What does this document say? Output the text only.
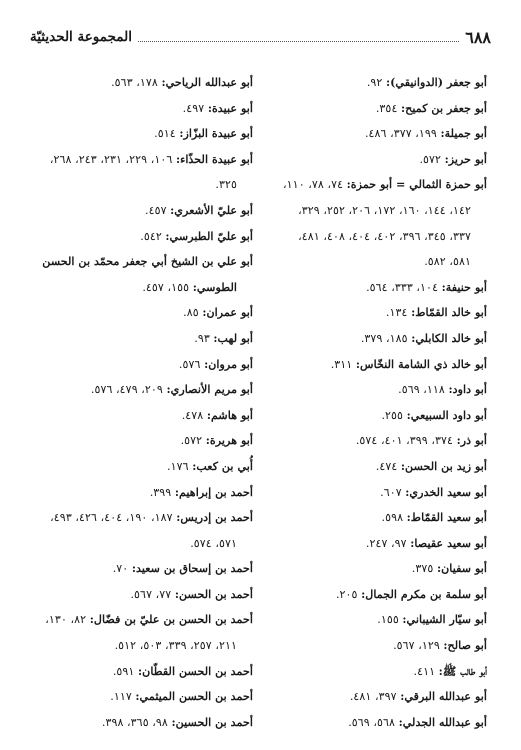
٦٨٨
المجموعة الحديثيّة

أبو جعفر (الدوانيقي): ٩٢.

أبو جعفر بن كميح: ٣٥٤.

أبو جميلة: ١٩٩، ٣٧٧، ٤٨٦.

أبو حريز: ٥٧٢.

أبو حمزة الثمالي = أبو حمزة: ٧٤، ٧٨، ١١٠،

١٤٢، ١٤٤، ١٦٠، ١٧٢، ٢٠٦، ٢٥٢، ٣٢٩،

٣٣٧، ٣٤٥، ٣٩٦، ٤٠٢، ٤٠٤، ٤٠٨، ٤٨١،

٥٨١، ٥٨٢.

أبو حنيفة: ١٠٤، ٣٣٣، ٥٦٤.

أبو خالد القمّاط: ١٣٤.

أبو خالد الكابلي: ١٨٥، ٣٧٩.

أبو خالد ذي الشامة النخّاس: ٣١١.

أبو داود: ١١٨، ٥٦٩.

أبو داود السبيعي: ٢٥٥.

أبو ذر: ٣٧٤، ٣٩٩، ٤٠١، ٥٧٤.

أبو زيد بن الحسن: ٤٧٤.

أبو سعيد الخدري: ٦٠٧.

أبو سعيد القمّاط: ٥٩٨.

أبو سعيد عقيصا: ٩٧، ٢٤٧.

أبو سفيان: ٣٧٥.

أبو سلمة بن مكرم الجمال: ٢٠٥.

أبو سيّار الشيباني: ١٥٥.

أبو صالح: ١٢٩، ٥٦٧.

أبو طالب ﷺ: ٤١١.

أبو عبدالله البرقي: ٣٩٧، ٤٨١.

أبو عبدالله الجدلي: ٥٦٨، ٥٦٩.

أبو عبدالله الرياحي: ١٧٨، ٥٦٣.

أبو عبيدة: ٤٩٧.

أبو عبيدة البزّاز: ٥١٤.

أبو عبيدة الحذّاء: ١٠٦، ٢٢٩، ٢٣١، ٢٤٣، ٢٦٨،

٣٢٥.

أبو عليّ الأشعري: ٤٥٧.

أبو عليّ الطبرسي: ٥٤٢.

أبو علي بن الشيخ أبي جعفر محمّد بن الحسن

الطوسي: ١٥٥، ٤٥٧.

أبو عمران: ٨٥.

أبو لهب: ٩٣.

أبو مروان: ٥٧٦.

أبو مريم الأنصاري: ٢٠٩، ٤٧٩، ٥٧٦.

أبو هاشم: ٤٧٨.

أبو هريرة: ٥٧٢.

أُبي بن كعب: ١٧٦.

أحمد بن إبراهيم: ٣٩٩.

أحمد بن إدريس: ١٨٧، ١٩٠، ٤٠٤، ٤٢٦، ٤٩٣،

٥٧١، ٥٧٤.

أحمد بن إسحاق بن سعيد: ٧٠.

أحمد بن الحسن: ٧٧، ٥٦٧.

أحمد بن الحسن بن عليّ بن فضّال: ٨٢، ١٣٠،

٢١١، ٢٥٧، ٣٣٩، ٥٠٣، ٥١٢.

أحمد بن الحسن القطّان: ٥٩١.

أحمد بن الحسن الميثمي: ١١٧.

أحمد بن الحسين: ٩٨، ٣٦٥، ٣٩٨.
